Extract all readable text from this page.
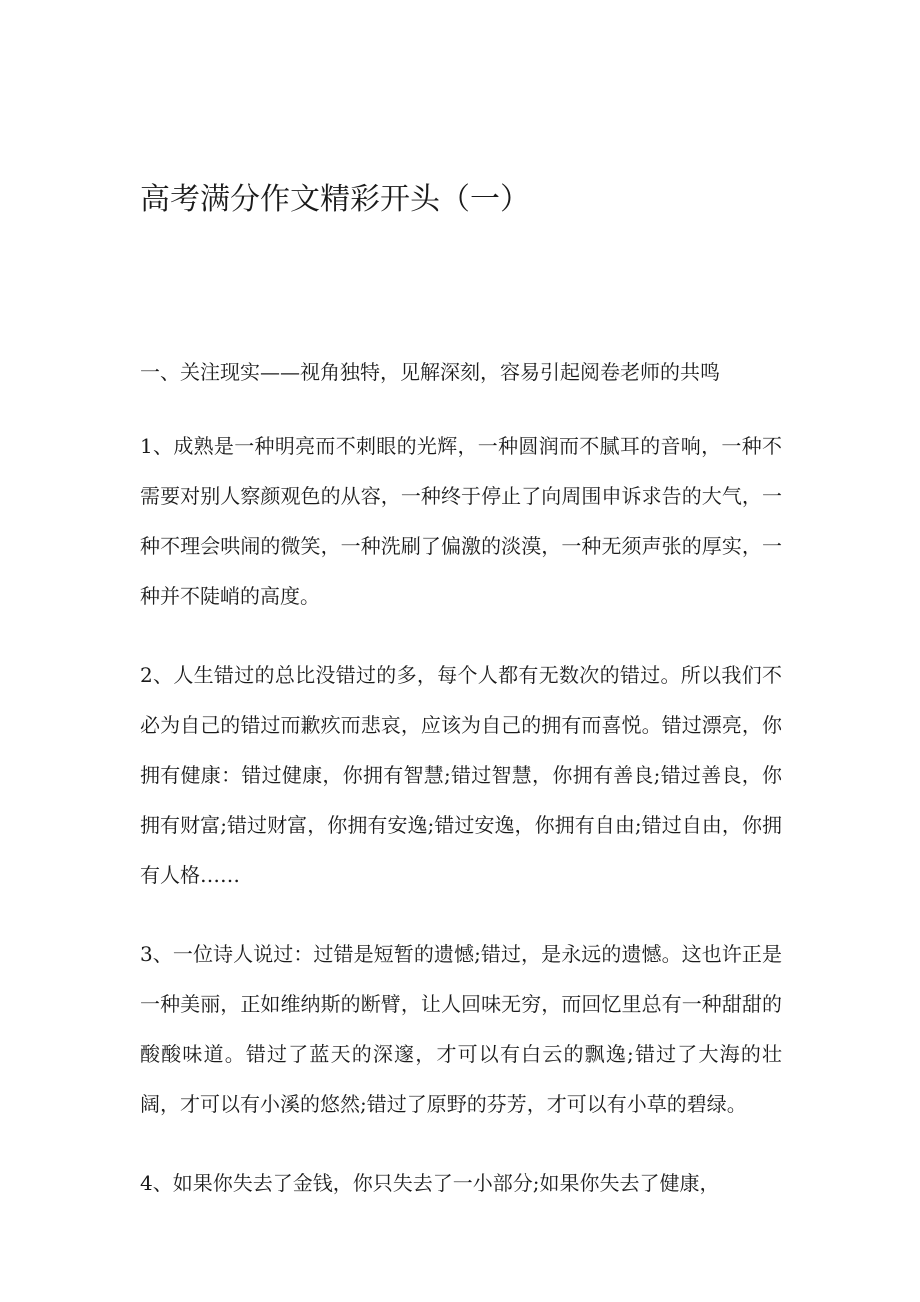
高考满分作文精彩开头（一）

一、关注现实——视角独特，见解深刻，容易引起阅卷老师的共鸣

1、成熟是一种明亮而不刺眼的光辉，一种圆润而不腻耳的音响，一种不需要对别人察颜观色的从容，一种终于停止了向周围申诉求告的大气，一种不理会哄闹的微笑，一种洗刷了偏激的淡漠，一种无须声张的厚实，一种并不陡峭的高度。

2、人生错过的总比没错过的多，每个人都有无数次的错过。所以我们不必为自己的错过而歉疚而悲哀，应该为自己的拥有而喜悦。错过漂亮，你拥有健康：错过健康，你拥有智慧;错过智慧，你拥有善良;错过善良，你拥有财富;错过财富，你拥有安逸;错过安逸，你拥有自由;错过自由，你拥有人格……

3、一位诗人说过：过错是短暂的遗憾;错过，是永远的遗憾。这也许正是一种美丽，正如维纳斯的断臂，让人回味无穷，而回忆里总有一种甜甜的酸酸味道。错过了蓝天的深邃，才可以有白云的飘逸;错过了大海的壮阔，才可以有小溪的悠然;错过了原野的芬芳，才可以有小草的碧绿。

4、如果你失去了金钱，你只失去了一小部分;如果你失去了健康，
